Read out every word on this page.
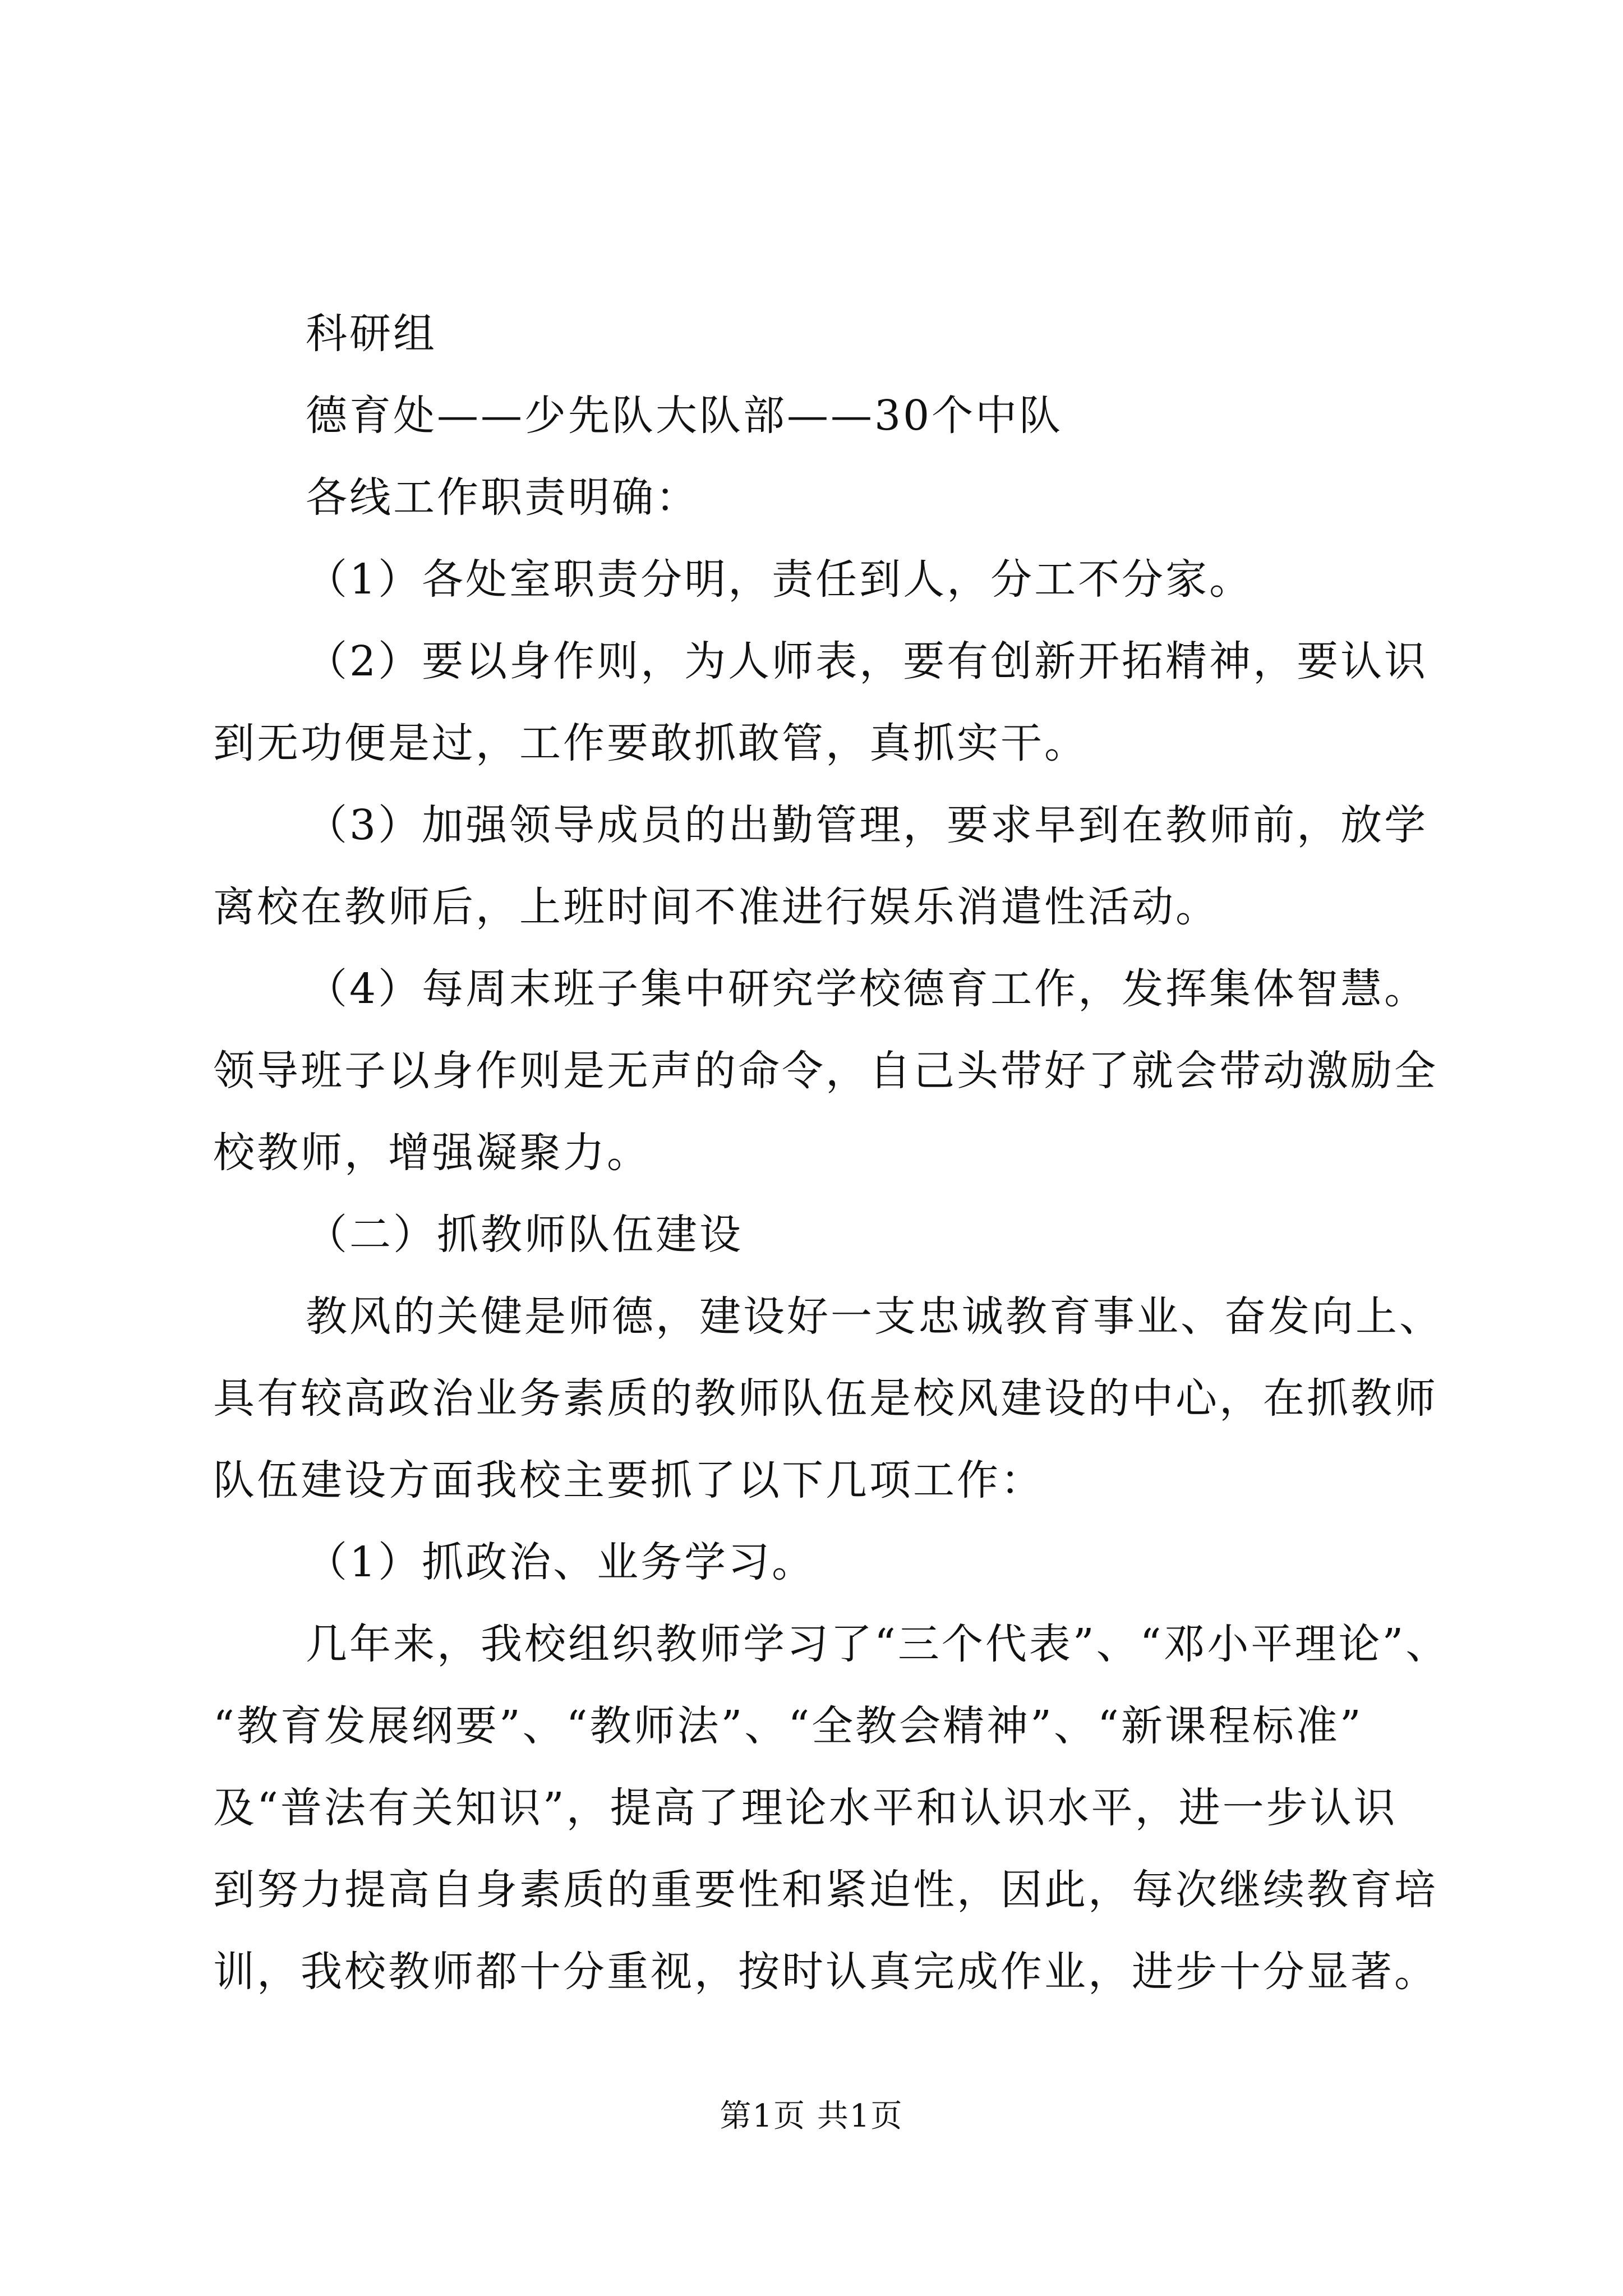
科研组
德育处——少先队大队部——30个中队
各线工作职责明确：
（1）各处室职责分明，责任到人，分工不分家。
（2）要以身作则，为人师表，要有创新开拓精神，要认识
到无功便是过，工作要敢抓敢管，真抓实干。
（3）加强领导成员的出勤管理，要求早到在教师前，放学
离校在教师后，上班时间不准进行娱乐消遣性活动。
（4）每周末班子集中研究学校德育工作，发挥集体智慧。
领导班子以身作则是无声的命令，自己头带好了就会带动激励全
校教师，增强凝聚力。
（二）抓教师队伍建设
教风的关健是师德，建设好一支忠诚教育事业、奋发向上、
具有较高政治业务素质的教师队伍是校风建设的中心，在抓教师
队伍建设方面我校主要抓了以下几项工作：
（1）抓政治、业务学习。
几年来，我校组织教师学习了“三个代表”、“邓小平理论”、
“教育发展纲要”、“教师法”、“全教会精神”、“新课程标准”
及“普法有关知识”，提高了理论水平和认识水平，进一步认识
到努力提高自身素质的重要性和紧迫性，因此，每次继续教育培
训，我校教师都十分重视，按时认真完成作业，进步十分显著。
第1页 共1页
